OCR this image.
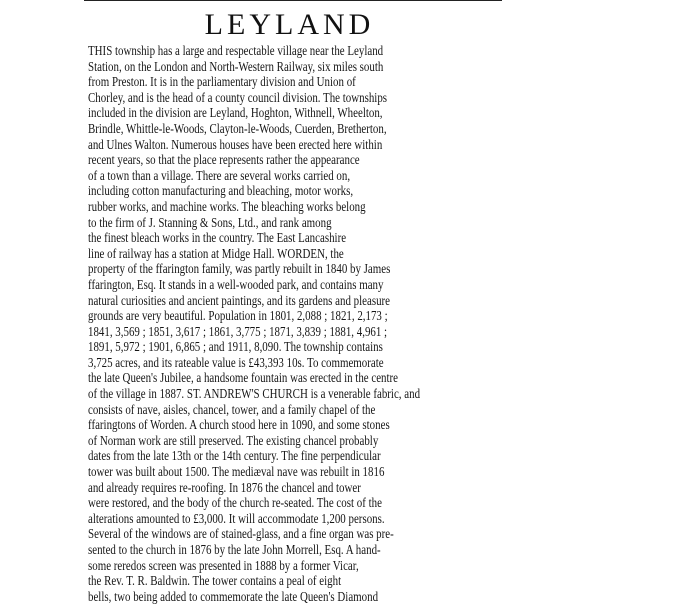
LEYLAND
THIS township has a large and respectable village near the Leyland
Station, on the London and North-Western Railway, six miles south
from Preston. It is in the parliamentary division and Union of
Chorley, and is the head of a county council division. The townships
included in the division are Leyland, Hoghton, Withnell, Wheelton,
Brindle, Whittle-le-Woods, Clayton-le-Woods, Cuerden, Bretherton,
and Ulnes Walton. Numerous houses have been erected here within
recent years, so that the place represents rather the appearance
of a town than a village. There are several works carried on,
including cotton manufacturing and bleaching, motor works,
rubber works, and machine works. The bleaching works belong
to the firm of J. Stanning & Sons, Ltd., and rank among
the finest bleach works in the country. The East Lancashire
line of railway has a station at Midge Hall. WORDEN, the
property of the ffarington family, was partly rebuilt in 1840 by James
ffarington, Esq. It stands in a well-wooded park, and contains many
natural curiosities and ancient paintings, and its gardens and pleasure
grounds are very beautiful. Population in 1801, 2,088 ; 1821, 2,173 ;
1841, 3,569 ; 1851, 3,617 ; 1861, 3,775 ; 1871, 3,839 ; 1881, 4,961 ;
1891, 5,972 ; 1901, 6,865 ; and 1911, 8,090. The township contains
3,725 acres, and its rateable value is £43,393 10s. To commemorate
the late Queen's Jubilee, a handsome fountain was erected in the centre
of the village in 1887. ST. ANDREW'S CHURCH is a venerable fabric, and
consists of nave, aisles, chancel, tower, and a family chapel of the
ffaringtons of Worden. A church stood here in 1090, and some stones
of Norman work are still preserved. The existing chancel probably
dates from the late 13th or the 14th century. The fine perpendicular
tower was built about 1500. The mediæval nave was rebuilt in 1816
and already requires re-roofing. In 1876 the chancel and tower
were restored, and the body of the church re-seated. The cost of the
alterations amounted to £3,000. It will accommodate 1,200 persons.
Several of the windows are of stained-glass, and a fine organ was pre-
sented to the church in 1876 by the late John Morrell, Esq. A hand-
some reredos screen was presented in 1888 by a former Vicar,
the Rev. T. R. Baldwin. The tower contains a peal of eight
bells, two being added to commemorate the late Queen's Diamond
